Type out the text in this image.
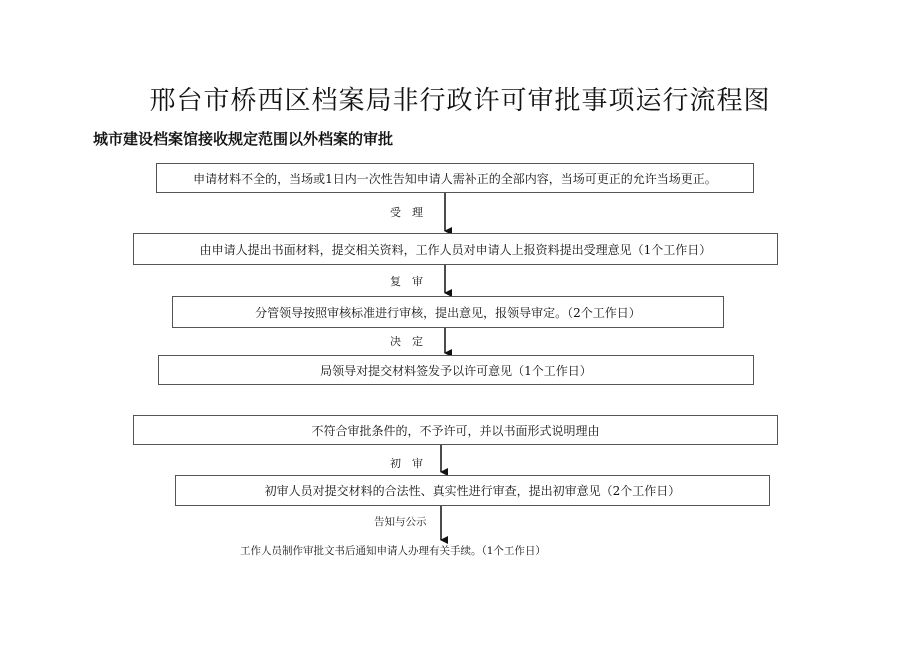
邢台市桥西区档案局非行政许可审批事项运行流程图
城市建设档案馆接收规定范围以外档案的审批
申请材料不全的，当场或1日内一次性告知申请人需补正的全部内容，当场可更正的允许当场更正。
受　理
由申请人提出书面材料，提交相关资料，工作人员对申请人上报资料提出受理意见（1个工作日）
复　审
分管领导按照审核标准进行审核，提出意见，报领导审定。（2个工作日）
决　定
局领导对提交材料签发予以许可意见（1个工作日）
不符合审批条件的，不予许可，并以书面形式说明理由
初　审
初审人员对提交材料的合法性、真实性进行审查，提出初审意见（2个工作日）
告知与公示
工作人员制作审批文书后通知申请人办理有关手续。（1个工作日）
